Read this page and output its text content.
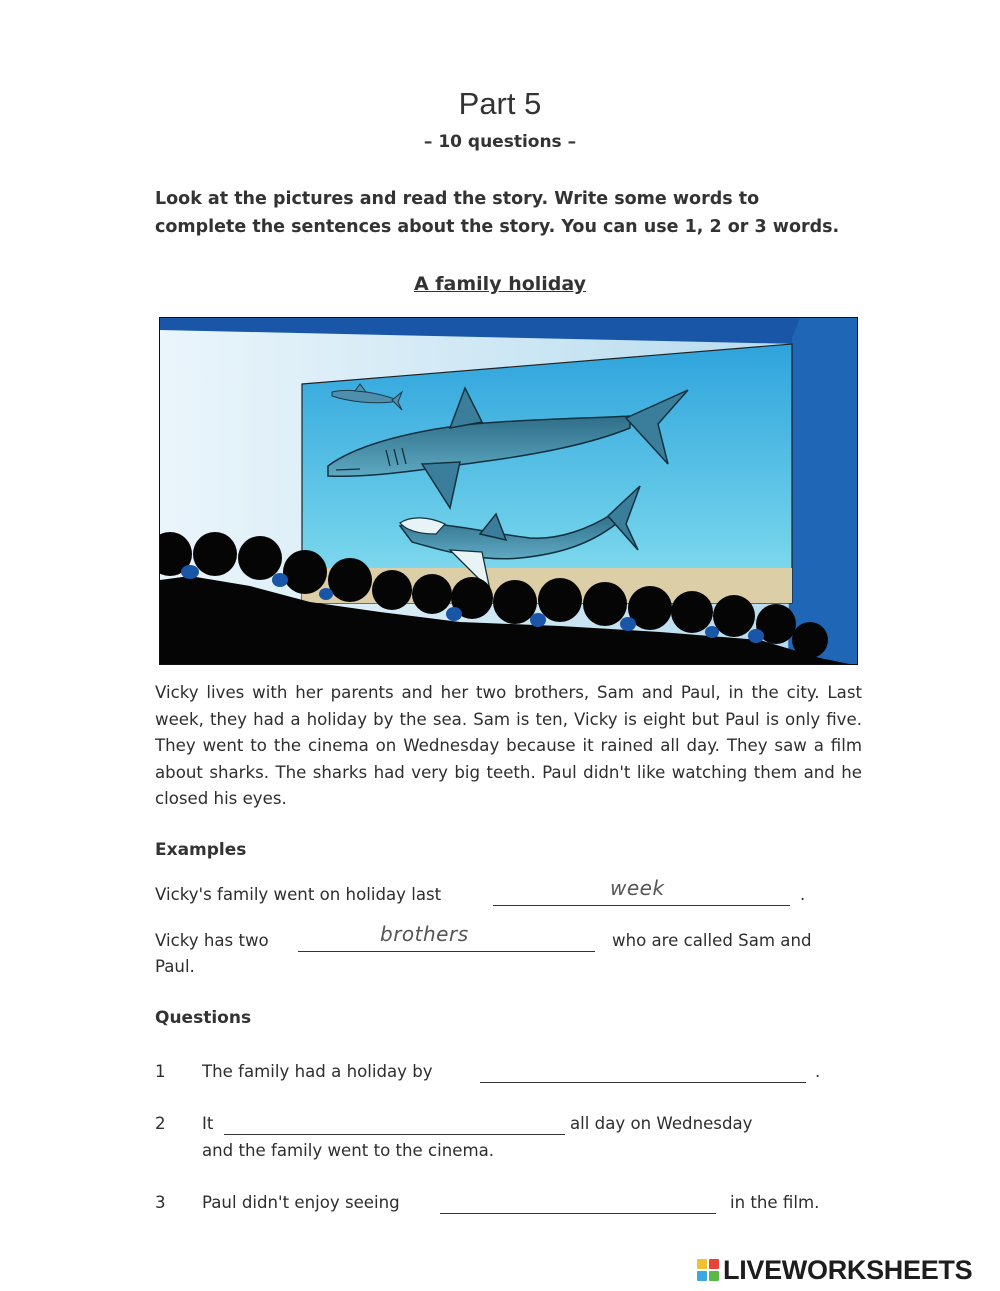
Part 5
– 10 questions –
Look at the pictures and read the story. Write some words to complete the sentences about the story. You can use 1, 2 or 3 words.
A family holiday
Vicky lives with her parents and her two brothers, Sam and Paul, in the city. Last week, they had a holiday by the sea. Sam is ten, Vicky is eight but Paul is only five. They went to the cinema on Wednesday because it rained all day. They saw a film about sharks. The sharks had very big teeth. Paul didn't like watching them and he closed his eyes.
Examples
Vicky's family went on holiday last	week	.
Vicky has two	brothers	who are called Sam and
Paul.
Questions
1 The family had a holiday by	.
2 It	all day on Wednesday
and the family went to the cinema.
3 Paul didn't enjoy seeing	in the film.
LIVEWORKSHEETS
